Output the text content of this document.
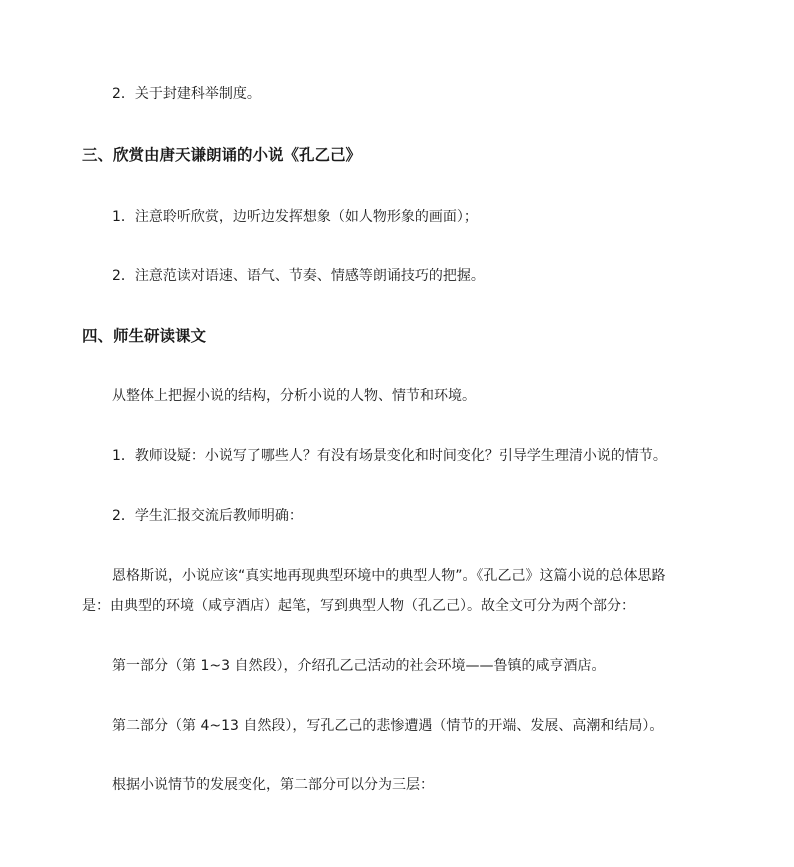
2．关于封建科举制度。

三、欣赏由唐天谦朗诵的小说《孔乙己》

1．注意聆听欣赏，边听边发挥想象（如人物形象的画面）；

2．注意范读对语速、语气、节奏、情感等朗诵技巧的把握。

四、师生研读课文

从整体上把握小说的结构，分析小说的人物、情节和环境。

1．教师设疑：小说写了哪些人？有没有场景变化和时间变化？引导学生理清小说的情节。

2．学生汇报交流后教师明确：

恩格斯说，小说应该“真实地再现典型环境中的典型人物”。《孔乙己》这篇小说的总体思路

是：由典型的环境（咸亨酒店）起笔，写到典型人物（孔乙己）。故全文可分为两个部分：

第一部分（第 1~3 自然段），介绍孔乙己活动的社会环境——鲁镇的咸亨酒店。

第二部分（第 4~13 自然段），写孔乙己的悲惨遭遇（情节的开端、发展、高潮和结局）。

根据小说情节的发展变化，第二部分可以分为三层：
